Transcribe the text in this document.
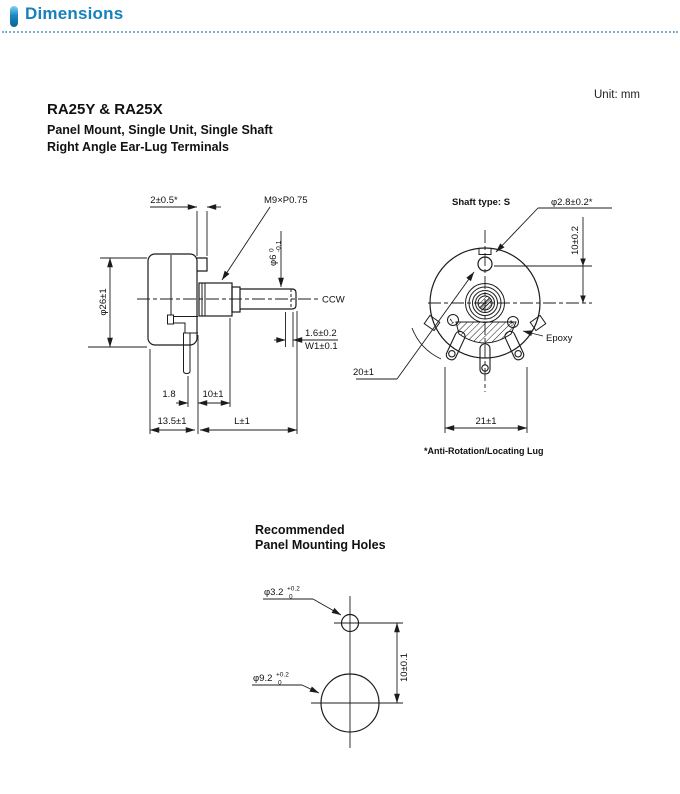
Dimensions
Unit: mm
RA25Y & RA25X
Panel Mount, Single Unit, Single Shaft
Right Angle Ear-Lug Terminals
Recommended
Panel Mounting Holes
*Anti-Rotation/Locating Lug
2±0.5*	M9×P0.75
φ6
0 -0.1
φ26±1	CCW
1.6±0.2
W1±0.1
1.8	10±1
13.5±1	L±1
Shaft type: S	φ2.8±0.2*
10±0.2
20±1
Epoxy
21±1
1	3
φ3.2 +0.2
0
φ9.2 +0.2
0
10±0.1
